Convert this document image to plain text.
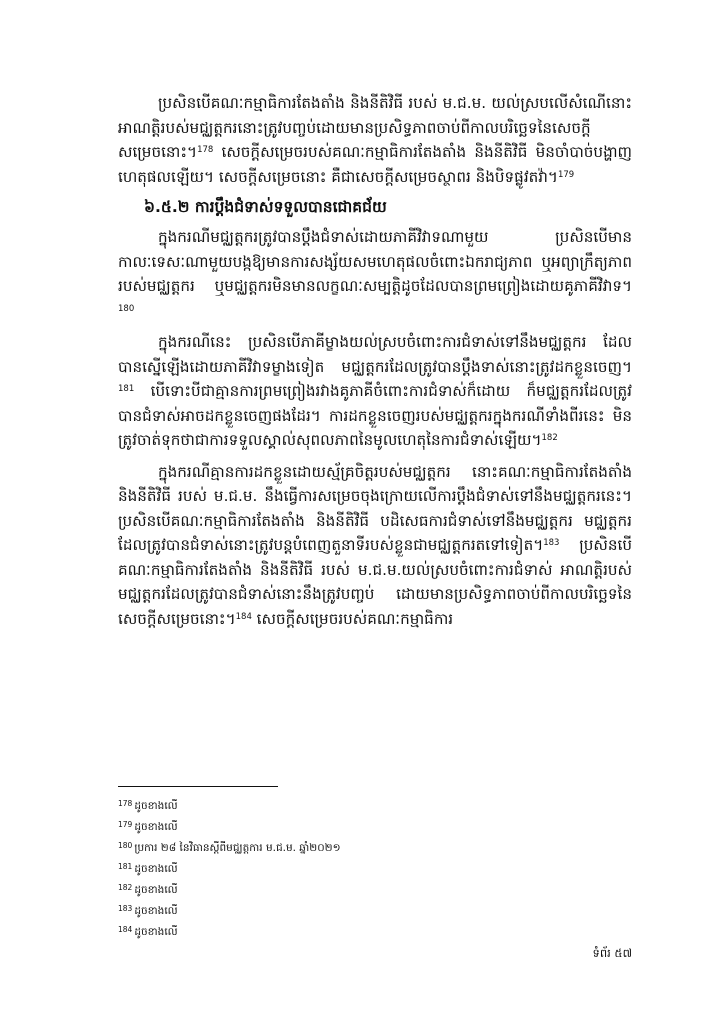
ប្រសិនបើគណៈកម្មាធិការតែងតាំង និងនីតិវិធី របស់ ម.ជ.ម. យល់ស្របលើសំណើនោះ អាណត្តិរបស់មជ្ឈត្តករនោះត្រូវបញ្ចប់ដោយមានប្រសិទ្ធភាពចាប់ពីកាលបរិច្ឆេទនៃសេចក្តីសម្រេចនោះ។$^{178}$ សេចក្តីសម្រេចរបស់គណៈកម្មាធិការតែងតាំង និងនីតិវិធី មិនចាំបាច់បង្ហាញហេតុផលឡើយ។ សេចក្តីសម្រេចនោះ គឺជាសេចក្តីសម្រេចស្ថាពរ និងបិទផ្លូវតវ៉ា។$^{179}$

៦.៥.២ ការប្តឹងជំទាស់ទទួលបានជោគជ័យ

ក្នុងករណីមជ្ឈត្តករត្រូវបានប្តឹងជំទាស់ដោយភាគីវិវាទណាមួយ ប្រសិនបើមានកាលៈទេសៈណាមួយបង្កឱ្យមានការសង្ស័យសមហេតុផលចំពោះឯករាជ្យភាព ឬអព្យាក្រឹត្យភាពរបស់មជ្ឈត្តករ ឬមជ្ឈត្តករមិនមានលក្ខណៈសម្បត្តិដូចដែលបានព្រមព្រៀងដោយគូភាគីវិវាទ។$^{180}$

ក្នុងករណីនេះ ប្រសិនបើភាគីម្ខាងយល់ស្របចំពោះការជំទាស់ទៅនឹងមជ្ឈត្តករ ដែលបានស្នើឡើងដោយភាគីវិវាទម្ខាងទៀត មជ្ឈត្តករដែលត្រូវបានប្តឹងទាស់នោះត្រូវដកខ្លួនចេញ។$^{181}$ បើទោះបីជាគ្មានការព្រមព្រៀងរវាងគូភាគីចំពោះការជំទាស់ក៏ដោយ ក៏មជ្ឈត្តករដែលត្រូវបានជំទាស់អាចដកខ្លួនចេញផងដែរ។ ការដកខ្លួនចេញរបស់មជ្ឈត្តករក្នុងករណីទាំងពីរនេះ មិនត្រូវចាត់ទុកថាជាការទទួលស្គាល់សុពលភាពនៃមូលហេតុនៃការជំទាស់ឡើយ។$^{182}$

ក្នុងករណីគ្មានការដកខ្លួនដោយស្ម័គ្រចិត្តរបស់មជ្ឈត្តករ នោះគណៈកម្មាធិការតែងតាំង និងនីតិវិធី របស់ ម.ជ.ម. នឹងធ្វើការសម្រេចចុងក្រោយលើការប្តឹងជំទាស់ទៅនឹងមជ្ឈត្តករនេះ។ ប្រសិនបើគណៈកម្មាធិការតែងតាំង និងនីតិវិធី បដិសេធការជំទាស់ទៅនឹងមជ្ឈត្តករ មជ្ឈត្តករដែលត្រូវបានជំទាស់នោះត្រូវបន្តបំពេញតួនាទីរបស់ខ្លួនជាមជ្ឈត្តករតទៅទៀត។$^{183}$ ប្រសិនបើគណៈកម្មាធិការតែងតាំង និងនីតិវិធី របស់ ម.ជ.ម.យល់ស្របចំពោះការជំទាស់ អាណត្តិរបស់មជ្ឈត្តករដែលត្រូវបានជំទាស់នោះនឹងត្រូវបញ្ចប់ ដោយមានប្រសិទ្ធភាពចាប់ពីកាលបរិច្ឆេទនៃសេចក្តីសម្រេចនោះ។$^{184}$ សេចក្តីសម្រេចរបស់គណៈកម្មាធិការ

$^{178}$ ដូចខាងលើ
$^{179}$ ដូចខាងលើ
$^{180}$ ប្រការ ២៨ នៃវិធានស្តីពីមជ្ឈត្តការ ម.ជ.ម. ឆ្នាំ២០២១
$^{181}$ ដូចខាងលើ
$^{182}$ ដូចខាងលើ
$^{183}$ ដូចខាងលើ
$^{184}$ ដូចខាងលើ
ទំព័រ ៥៧
